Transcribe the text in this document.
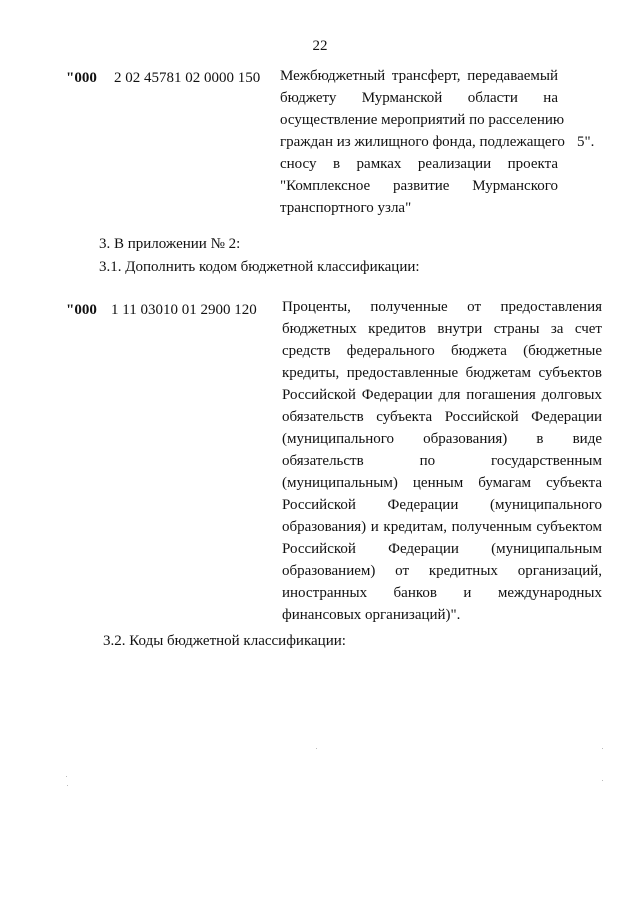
22
"000 2 02 45781 02 0000 150 Межбюджетный трансферт, передаваемый
бюджету Мурманской области на
осуществление мероприятий по расселению
граждан из жилищного фонда, подлежащего
сносу в рамках реализации проекта
"Комплексное развитие Мурманского
транспортного узла"
5".
3. В приложении № 2:
3.1. Дополнить кодом бюджетной классификации:
"000 1 11 03010 01 2900 120 Проценты, полученные от предоставления
бюджетных кредитов внутри страны за счет
средств федерального бюджета (бюджетные
кредиты, предоставленные бюджетам субъектов
Российской Федерации для погашения долговых
обязательств субъекта Российской Федерации
(муниципального образования) в виде
обязательств по государственным
(муниципальным) ценным бумагам субъекта
Российской Федерации (муниципального
образования) и кредитам, полученным субъектом
Российской Федерации (муниципальным
образованием) от кредитных организаций,
иностранных банков и международных
финансовых организаций)".
3.2. Коды бюджетной классификации:
